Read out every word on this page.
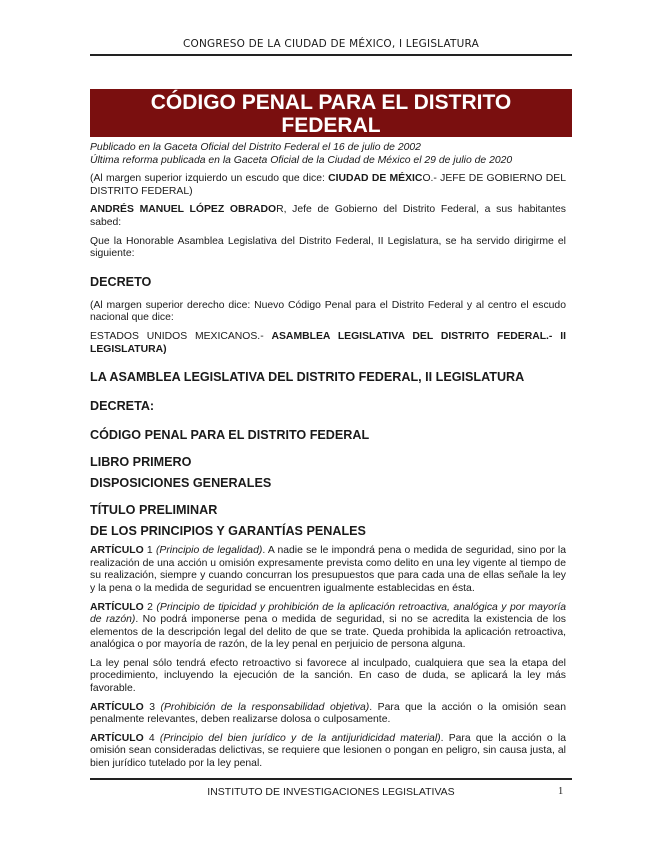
CONGRESO DE LA CIUDAD DE MÉXICO, I LEGISLATURA
CÓDIGO PENAL PARA EL DISTRITO
FEDERAL
Publicado en la Gaceta Oficial del Distrito Federal el 16 de julio de 2002
Última reforma publicada en la Gaceta Oficial de la Ciudad de México el 29 de julio de 2020

(Al margen superior izquierdo un escudo que dice: CIUDAD DE MÉXICO.- JEFE DE GOBIERNO DEL DISTRITO FEDERAL)

ANDRÉS MANUEL LÓPEZ OBRADOR, Jefe de Gobierno del Distrito Federal, a sus habitantes sabed:

Que la Honorable Asamblea Legislativa del Distrito Federal, II Legislatura, se ha servido dirigirme el siguiente:

DECRETO

(Al margen superior derecho dice: Nuevo Código Penal para el Distrito Federal y al centro el escudo nacional que dice:

ESTADOS UNIDOS MEXICANOS.- ASAMBLEA LEGISLATIVA DEL DISTRITO FEDERAL.- II LEGISLATURA)

LA ASAMBLEA LEGISLATIVA DEL DISTRITO FEDERAL, II LEGISLATURA

DECRETA:

CÓDIGO PENAL PARA EL DISTRITO FEDERAL

LIBRO PRIMERO

DISPOSICIONES GENERALES

TÍTULO PRELIMINAR

DE LOS PRINCIPIOS Y GARANTÍAS PENALES

ARTÍCULO 1 (Principio de legalidad). A nadie se le impondrá pena o medida de seguridad, sino por la realización de una acción u omisión expresamente prevista como delito en una ley vigente al tiempo de su realización, siempre y cuando concurran los presupuestos que para cada una de ellas señale la ley y la pena o la medida de seguridad se encuentren igualmente establecidas en ésta.

ARTÍCULO 2 (Principio de tipicidad y prohibición de la aplicación retroactiva, analógica y por mayoría de razón). No podrá imponerse pena o medida de seguridad, si no se acredita la existencia de los elementos de la descripción legal del delito de que se trate. Queda prohibida la aplicación retroactiva, analógica o por mayoría de razón, de la ley penal en perjuicio de persona alguna.

La ley penal sólo tendrá efecto retroactivo si favorece al inculpado, cualquiera que sea la etapa del procedimiento, incluyendo la ejecución de la sanción. En caso de duda, se aplicará la ley más favorable.

ARTÍCULO 3 (Prohibición de la responsabilidad objetiva). Para que la acción o la omisión sean penalmente relevantes, deben realizarse dolosa o culposamente.

ARTÍCULO 4 (Principio del bien jurídico y de la antijuridicidad material). Para que la acción o la omisión sean consideradas delictivas, se requiere que lesionen o pongan en peligro, sin causa justa, al bien jurídico tutelado por la ley penal.

INSTITUTO DE INVESTIGACIONES LEGISLATIVAS	1
